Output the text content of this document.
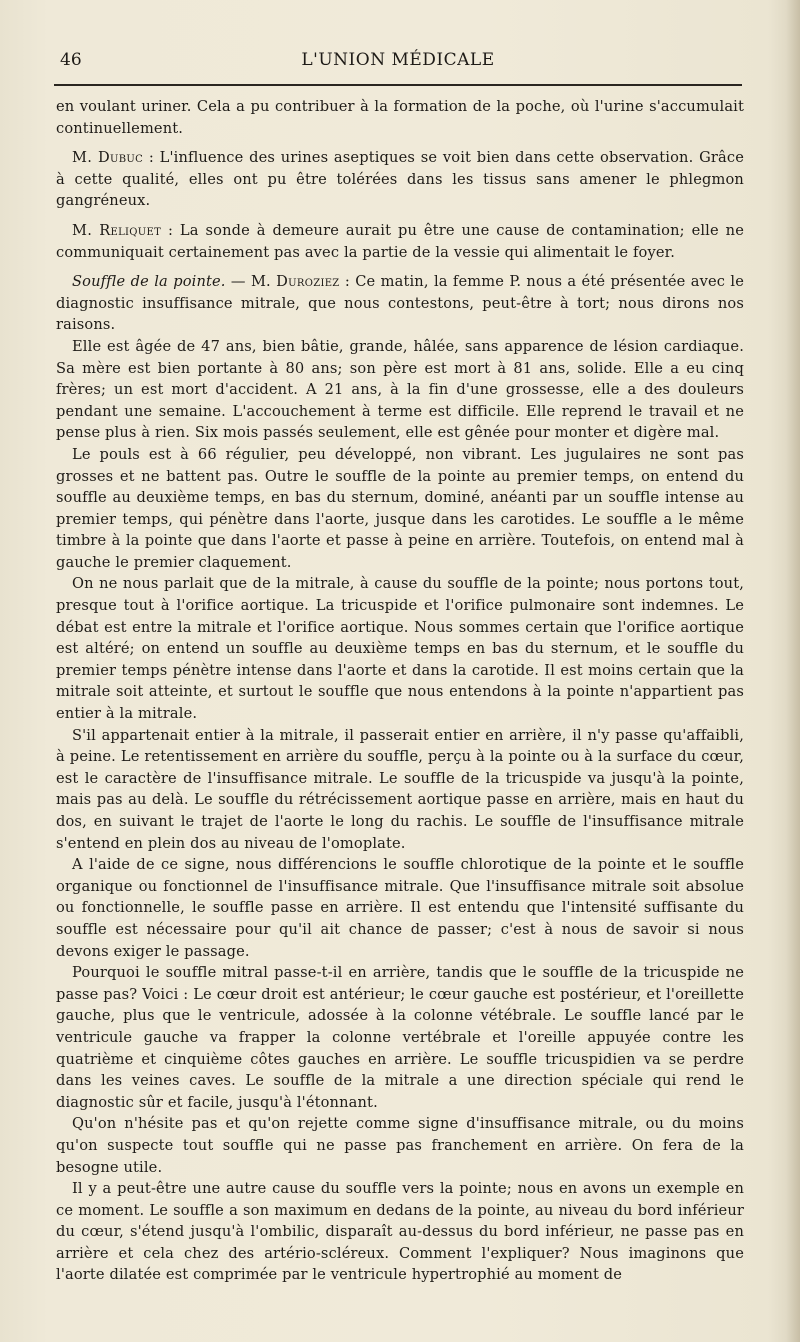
46	L'UNION MÉDICALE

en voulant uriner. Cela a pu contribuer à la formation de la poche, où l'urine s'accumulait continuellement.

M. Dubuc : L'influence des urines aseptiques se voit bien dans cette observation. Grâce à cette qualité, elles ont pu être tolérées dans les tissus sans amener le phlegmon gangréneux.

M. Reliquet : La sonde à demeure aurait pu être une cause de contamination; elle ne communiquait certainement pas avec la partie de la vessie qui alimentait le foyer.

Souffle de la pointe. — M. Duroziez : Ce matin, la femme P. nous a été présentée avec le diagnostic insuffisance mitrale, que nous contestons, peut-être à tort; nous dirons nos raisons.

Elle est âgée de 47 ans, bien bâtie, grande, hâlée, sans apparence de lésion cardiaque. Sa mère est bien portante à 80 ans; son père est mort à 81 ans, solide. Elle a eu cinq frères; un est mort d'accident. A 21 ans, à la fin d'une grossesse, elle a des douleurs pendant une semaine. L'accouchement à terme est difficile. Elle reprend le travail et ne pense plus à rien. Six mois passés seulement, elle est gênée pour monter et digère mal.

Le pouls est à 66 régulier, peu développé, non vibrant. Les jugulaires ne sont pas grosses et ne battent pas. Outre le souffle de la pointe au premier temps, on entend du souffle au deuxième temps, en bas du sternum, dominé, anéanti par un souffle intense au premier temps, qui pénètre dans l'aorte, jusque dans les carotides. Le souffle a le même timbre à la pointe que dans l'aorte et passe à peine en arrière. Toutefois, on entend mal à gauche le premier claquement.

On ne nous parlait que de la mitrale, à cause du souffle de la pointe; nous portons tout, presque tout à l'orifice aortique. La tricuspide et l'orifice pulmonaire sont indemnes. Le débat est entre la mitrale et l'orifice aortique. Nous sommes certain que l'orifice aortique est altéré; on entend un souffle au deuxième temps en bas du sternum, et le souffle du premier temps pénètre intense dans l'aorte et dans la carotide. Il est moins certain que la mitrale soit atteinte, et surtout le souffle que nous entendons à la pointe n'appartient pas entier à la mitrale.

S'il appartenait entier à la mitrale, il passerait entier en arrière, il n'y passe qu'affaibli, à peine. Le retentissement en arrière du souffle, perçu à la pointe ou à la surface du cœur, est le caractère de l'insuffisance mitrale. Le souffle de la tricuspide va jusqu'à la pointe, mais pas au delà. Le souffle du rétrécissement aortique passe en arrière, mais en haut du dos, en suivant le trajet de l'aorte le long du rachis. Le souffle de l'insuffisance mitrale s'entend en plein dos au niveau de l'omoplate.

A l'aide de ce signe, nous différencions le souffle chlorotique de la pointe et le souffle organique ou fonctionnel de l'insuffisance mitrale. Que l'insuffisance mitrale soit absolue ou fonctionnelle, le souffle passe en arrière. Il est entendu que l'intensité suffisante du souffle est nécessaire pour qu'il ait chance de passer; c'est à nous de savoir si nous devons exiger le passage.

Pourquoi le souffle mitral passe-t-il en arrière, tandis que le souffle de la tricuspide ne passe pas? Voici : Le cœur droit est antérieur; le cœur gauche est postérieur, et l'oreillette gauche, plus que le ventricule, adossée à la colonne vétébrale. Le souffle lancé par le ventricule gauche va frapper la colonne vertébrale et l'oreille appuyée contre les quatrième et cinquième côtes gauches en arrière. Le souffle tricuspidien va se perdre dans les veines caves. Le souffle de la mitrale a une direction spéciale qui rend le diagnostic sûr et facile, jusqu'à l'étonnant.

Qu'on n'hésite pas et qu'on rejette comme signe d'insuffisance mitrale, ou du moins qu'on suspecte tout souffle qui ne passe pas franchement en arrière. On fera de la besogne utile.

Il y a peut-être une autre cause du souffle vers la pointe; nous en avons un exemple en ce moment. Le souffle a son maximum en dedans de la pointe, au niveau du bord inférieur du cœur, s'étend jusqu'à l'ombilic, disparaît au-dessus du bord inférieur, ne passe pas en arrière et cela chez des artério-scléreux. Comment l'expliquer? Nous imaginons que l'aorte dilatée est comprimée par le ventricule hypertrophié au moment de
